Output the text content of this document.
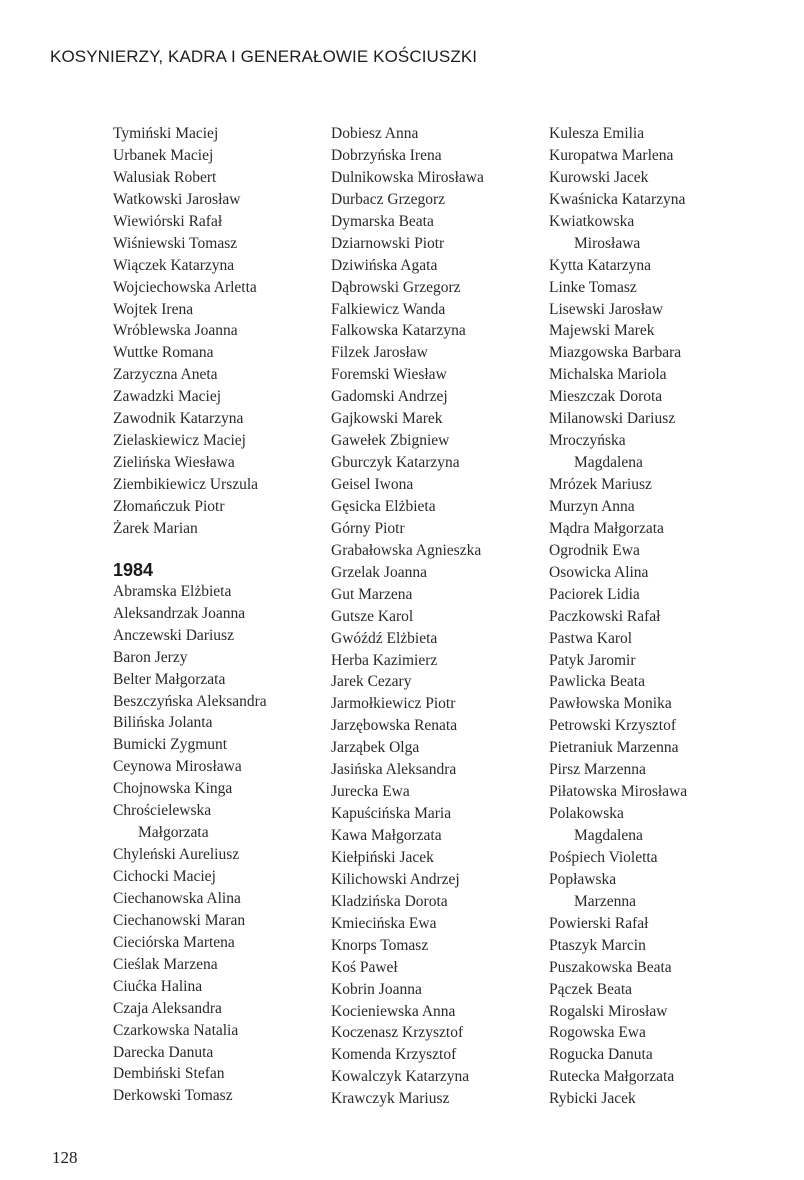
KOSYNIERZY, KADRA I GENERAŁOWIE KOŚCIUSZKI
Tymiński Maciej
Urbanek Maciej
Walusiak Robert
Watkowski Jarosław
Wiewiórski Rafał
Wiśniewski Tomasz
Wiączek Katarzyna
Wojciechowska Arletta
Wojtek Irena
Wróblewska Joanna
Wuttke Romana
Zarzyczna Aneta
Zawadzki Maciej
Zawodnik Katarzyna
Zielaskiewicz Maciej
Zielińska Wiesława
Ziembikiewicz Urszula
Złomańczuk Piotr
Żarek Marian
1984
Abramska Elżbieta
Aleksandrzak Joanna
Anczewski Dariusz
Baron Jerzy
Belter Małgorzata
Beszczyńska Aleksandra
Bilińska Jolanta
Bumicki Zygmunt
Ceynowa Mirosława
Chojnowska Kinga
Chrościelewska
Małgorzata
Chyleński Aureliusz
Cichocki Maciej
Ciechanowska Alina
Ciechanowski Maran
Cieciórska Martena
Cieślak Marzena
Ciućka Halina
Czaja Aleksandra
Czarkowska Natalia
Darecka Danuta
Dembiński Stefan
Derkowski Tomasz
Dobiesz Anna
Dobrzyńska Irena
Dulnikowska Mirosława
Durbacz Grzegorz
Dymarska Beata
Dziarnowski Piotr
Dziwińska Agata
Dąbrowski Grzegorz
Falkiewicz Wanda
Falkowska Katarzyna
Filzek Jarosław
Foremski Wiesław
Gadomski Andrzej
Gajkowski Marek
Gawełek Zbigniew
Gburczyk Katarzyna
Geisel Iwona
Gęsicka Elżbieta
Górny Piotr
Grabałowska Agnieszka
Grzelak Joanna
Gut Marzena
Gutsze Karol
Gwóźdź Elżbieta
Herba Kazimierz
Jarek Cezary
Jarmołkiewicz Piotr
Jarzębowska Renata
Jarząbek Olga
Jasińska Aleksandra
Jurecka Ewa
Kapuścińska Maria
Kawa Małgorzata
Kiełpiński Jacek
Kilichowski Andrzej
Kladzińska Dorota
Kmiecińska Ewa
Knorps Tomasz
Koś Paweł
Kobrin Joanna
Kocieniewska Anna
Koczenasz Krzysztof
Komenda Krzysztof
Kowalczyk Katarzyna
Krawczyk Mariusz
Kulesza Emilia
Kuropatwa Marlena
Kurowski Jacek
Kwaśnicka Katarzyna
Kwiatkowska
Mirosława
Kytta Katarzyna
Linke Tomasz
Lisewski Jarosław
Majewski Marek
Miazgowska Barbara
Michalska Mariola
Mieszczak Dorota
Milanowski Dariusz
Mroczyńska
Magdalena
Mrózek Mariusz
Murzyn Anna
Mądra Małgorzata
Ogrodnik Ewa
Osowicka Alina
Paciorek Lidia
Paczkowski Rafał
Pastwa Karol
Patyk Jaromir
Pawlicka Beata
Pawłowska Monika
Petrowski Krzysztof
Pietraniuk Marzenna
Pirsz Marzenna
Piłatowska Mirosława
Polakowska
Magdalena
Pośpiech Violetta
Popławska
Marzenna
Powierski Rafał
Ptaszyk Marcin
Puszakowska Beata
Pączek Beata
Rogalski Mirosław
Rogowska Ewa
Rogucka Danuta
Rutecka Małgorzata
Rybicki Jacek
128
